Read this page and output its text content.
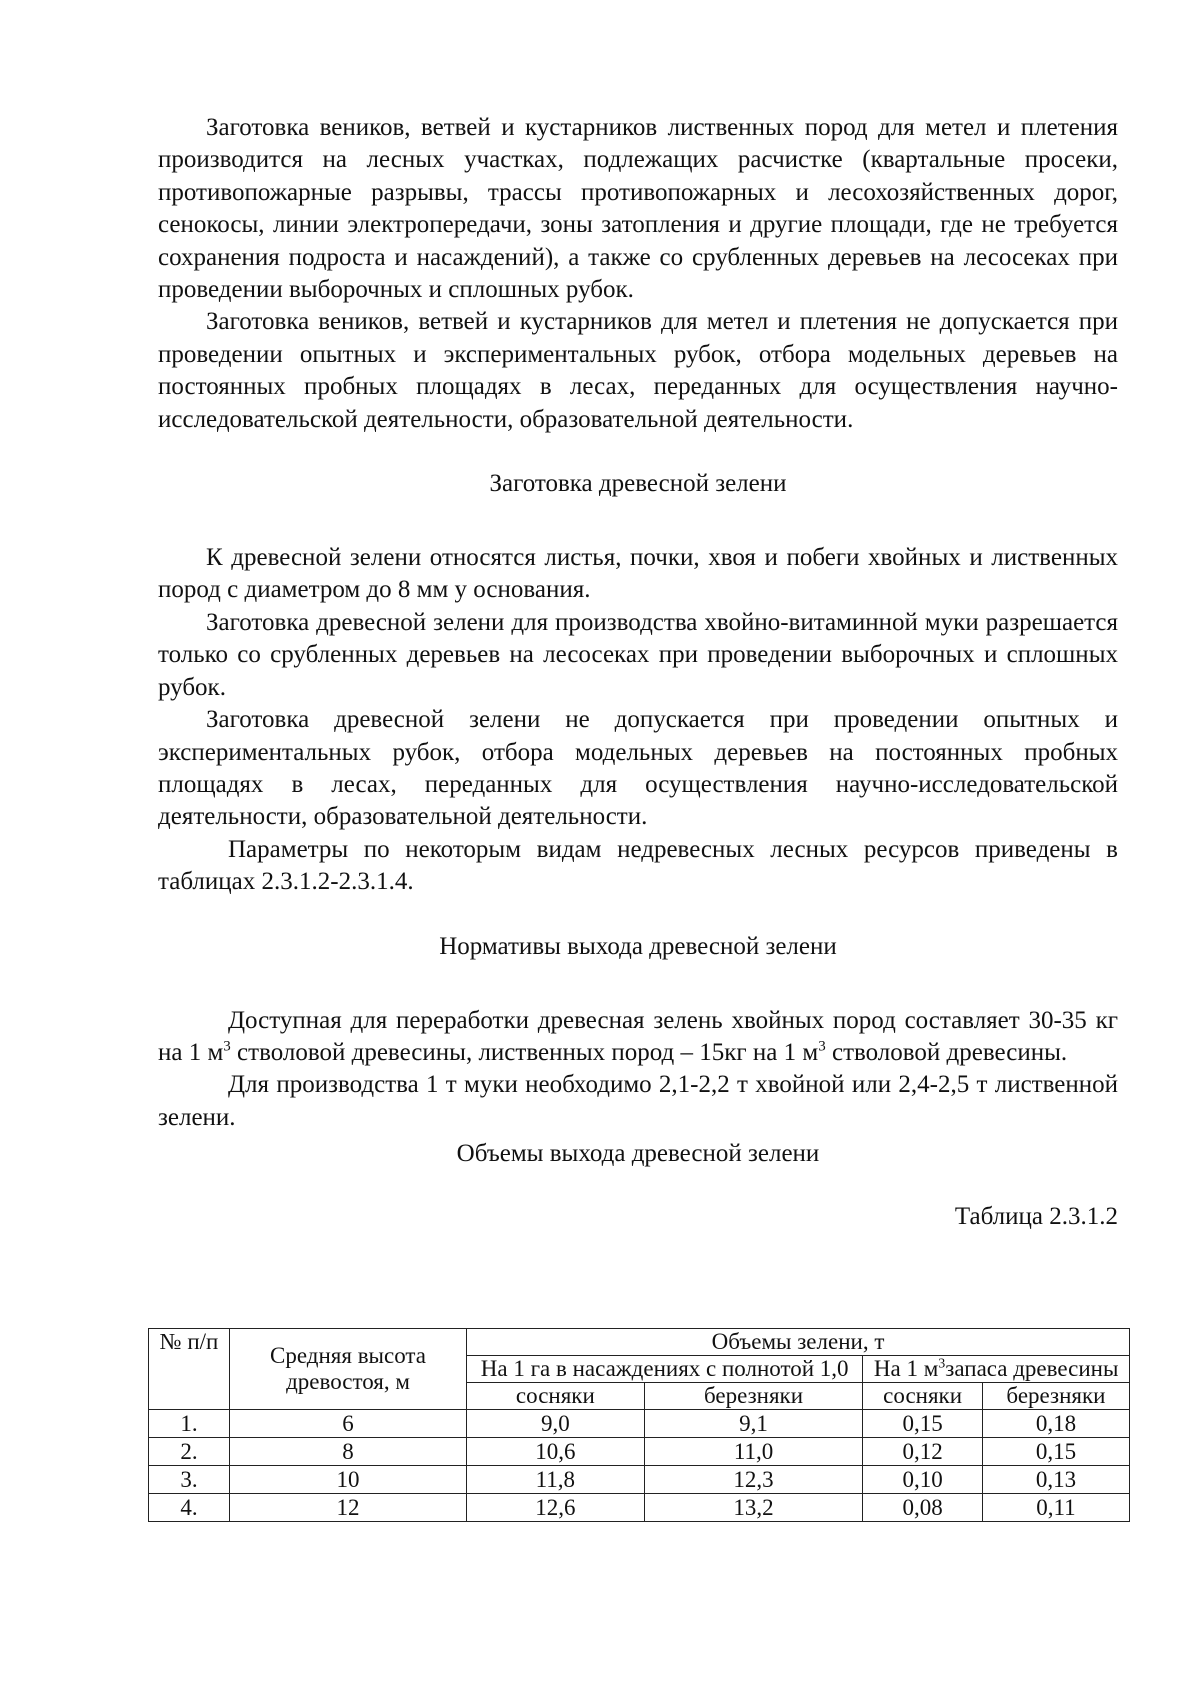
Заготовка веников, ветвей и кустарников лиственных пород для метел и плетения производится на лесных участках, подлежащих расчистке (квартальные просеки, противопожарные разрывы, трассы противопожарных и лесохозяйственных дорог, сенокосы, линии электропередачи, зоны затопления и другие площади, где не требуется сохранения подроста и насаждений), а также со срубленных деревьев на лесосеках при проведении выборочных и сплошных рубок.

Заготовка веников, ветвей и кустарников для метел и плетения не допускается при проведении опытных и экспериментальных рубок, отбора модельных деревьев на постоянных пробных площадях в лесах, переданных для осуществления научно-исследовательской деятельности, образовательной деятельности.

Заготовка древесной зелени

К древесной зелени относятся листья, почки, хвоя и побеги хвойных и лиственных пород с диаметром до 8 мм у основания.

Заготовка древесной зелени для производства хвойно-витаминной муки разрешается только со срубленных деревьев на лесосеках при проведении выборочных и сплошных рубок.

Заготовка древесной зелени не допускается при проведении опытных и экспериментальных рубок, отбора модельных деревьев на постоянных пробных площадях в лесах, переданных для осуществления научно-исследовательской деятельности, образовательной деятельности.

Параметры по некоторым видам недревесных лесных ресурсов приведены в таблицах 2.3.1.2-2.3.1.4.

Нормативы выхода древесной зелени

Доступная для переработки древесная зелень хвойных пород составляет 30-35 кг на 1 $м^3$ стволовой древесины, лиственных пород – 15кг на 1 $м^3$ стволовой древесины.

Для производства 1 т муки необходимо 2,1-2,2 т хвойной или 2,4-2,5 т лиственной зелени.

Объемы выхода древесной зелени

Таблица 2.3.1.2

№ п/п	Средняя высота древостоя, м	Объемы зелени, т			
		На 1 га в насаждениях с полнотой 1,0		На 1 $м^3запаса$ древесины	
		сосняки	березняки	сосняки	березняки
1.	6	9,0	9,1	0,15	0,18
2.	8	10,6	11,0	0,12	0,15
3.	10	11,8	12,3	0,10	0,13
4.	12	12,6	13,2	0,08	0,11
